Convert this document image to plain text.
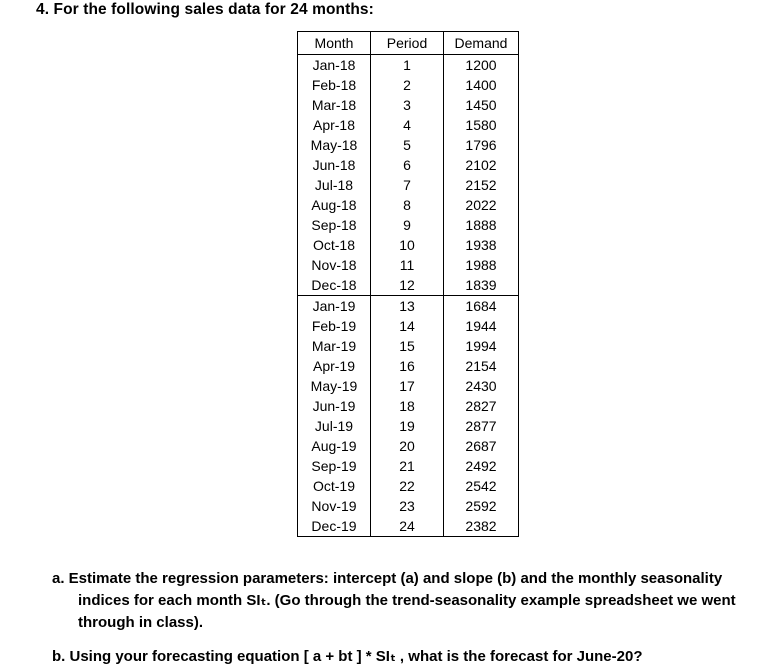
4. For the following sales data for 24 months:
Month	Period	Demand
Jan-18	1	1200
Feb-18	2	1400
Mar-18	3	1450
Apr-18	4	1580
May-18	5	1796
Jun-18	6	2102
Jul-18	7	2152
Aug-18	8	2022
Sep-18	9	1888
Oct-18	10	1938
Nov-18	11	1988
Dec-18	12	1839
Jan-19	13	1684
Feb-19	14	1944
Mar-19	15	1994
Apr-19	16	2154
May-19	17	2430
Jun-19	18	2827
Jul-19	19	2877
Aug-19	20	2687
Sep-19	21	2492
Oct-19	22	2542
Nov-19	23	2592
Dec-19	24	2382
a. Estimate the regression parameters: intercept (a) and slope (b) and the monthly seasonality
indices for each month SIₜ. (Go through the trend-seasonality example spreadsheet we went
through in class).
b. Using your forecasting equation [ a + bt ] * SIₜ , what is the forecast for June-20?
